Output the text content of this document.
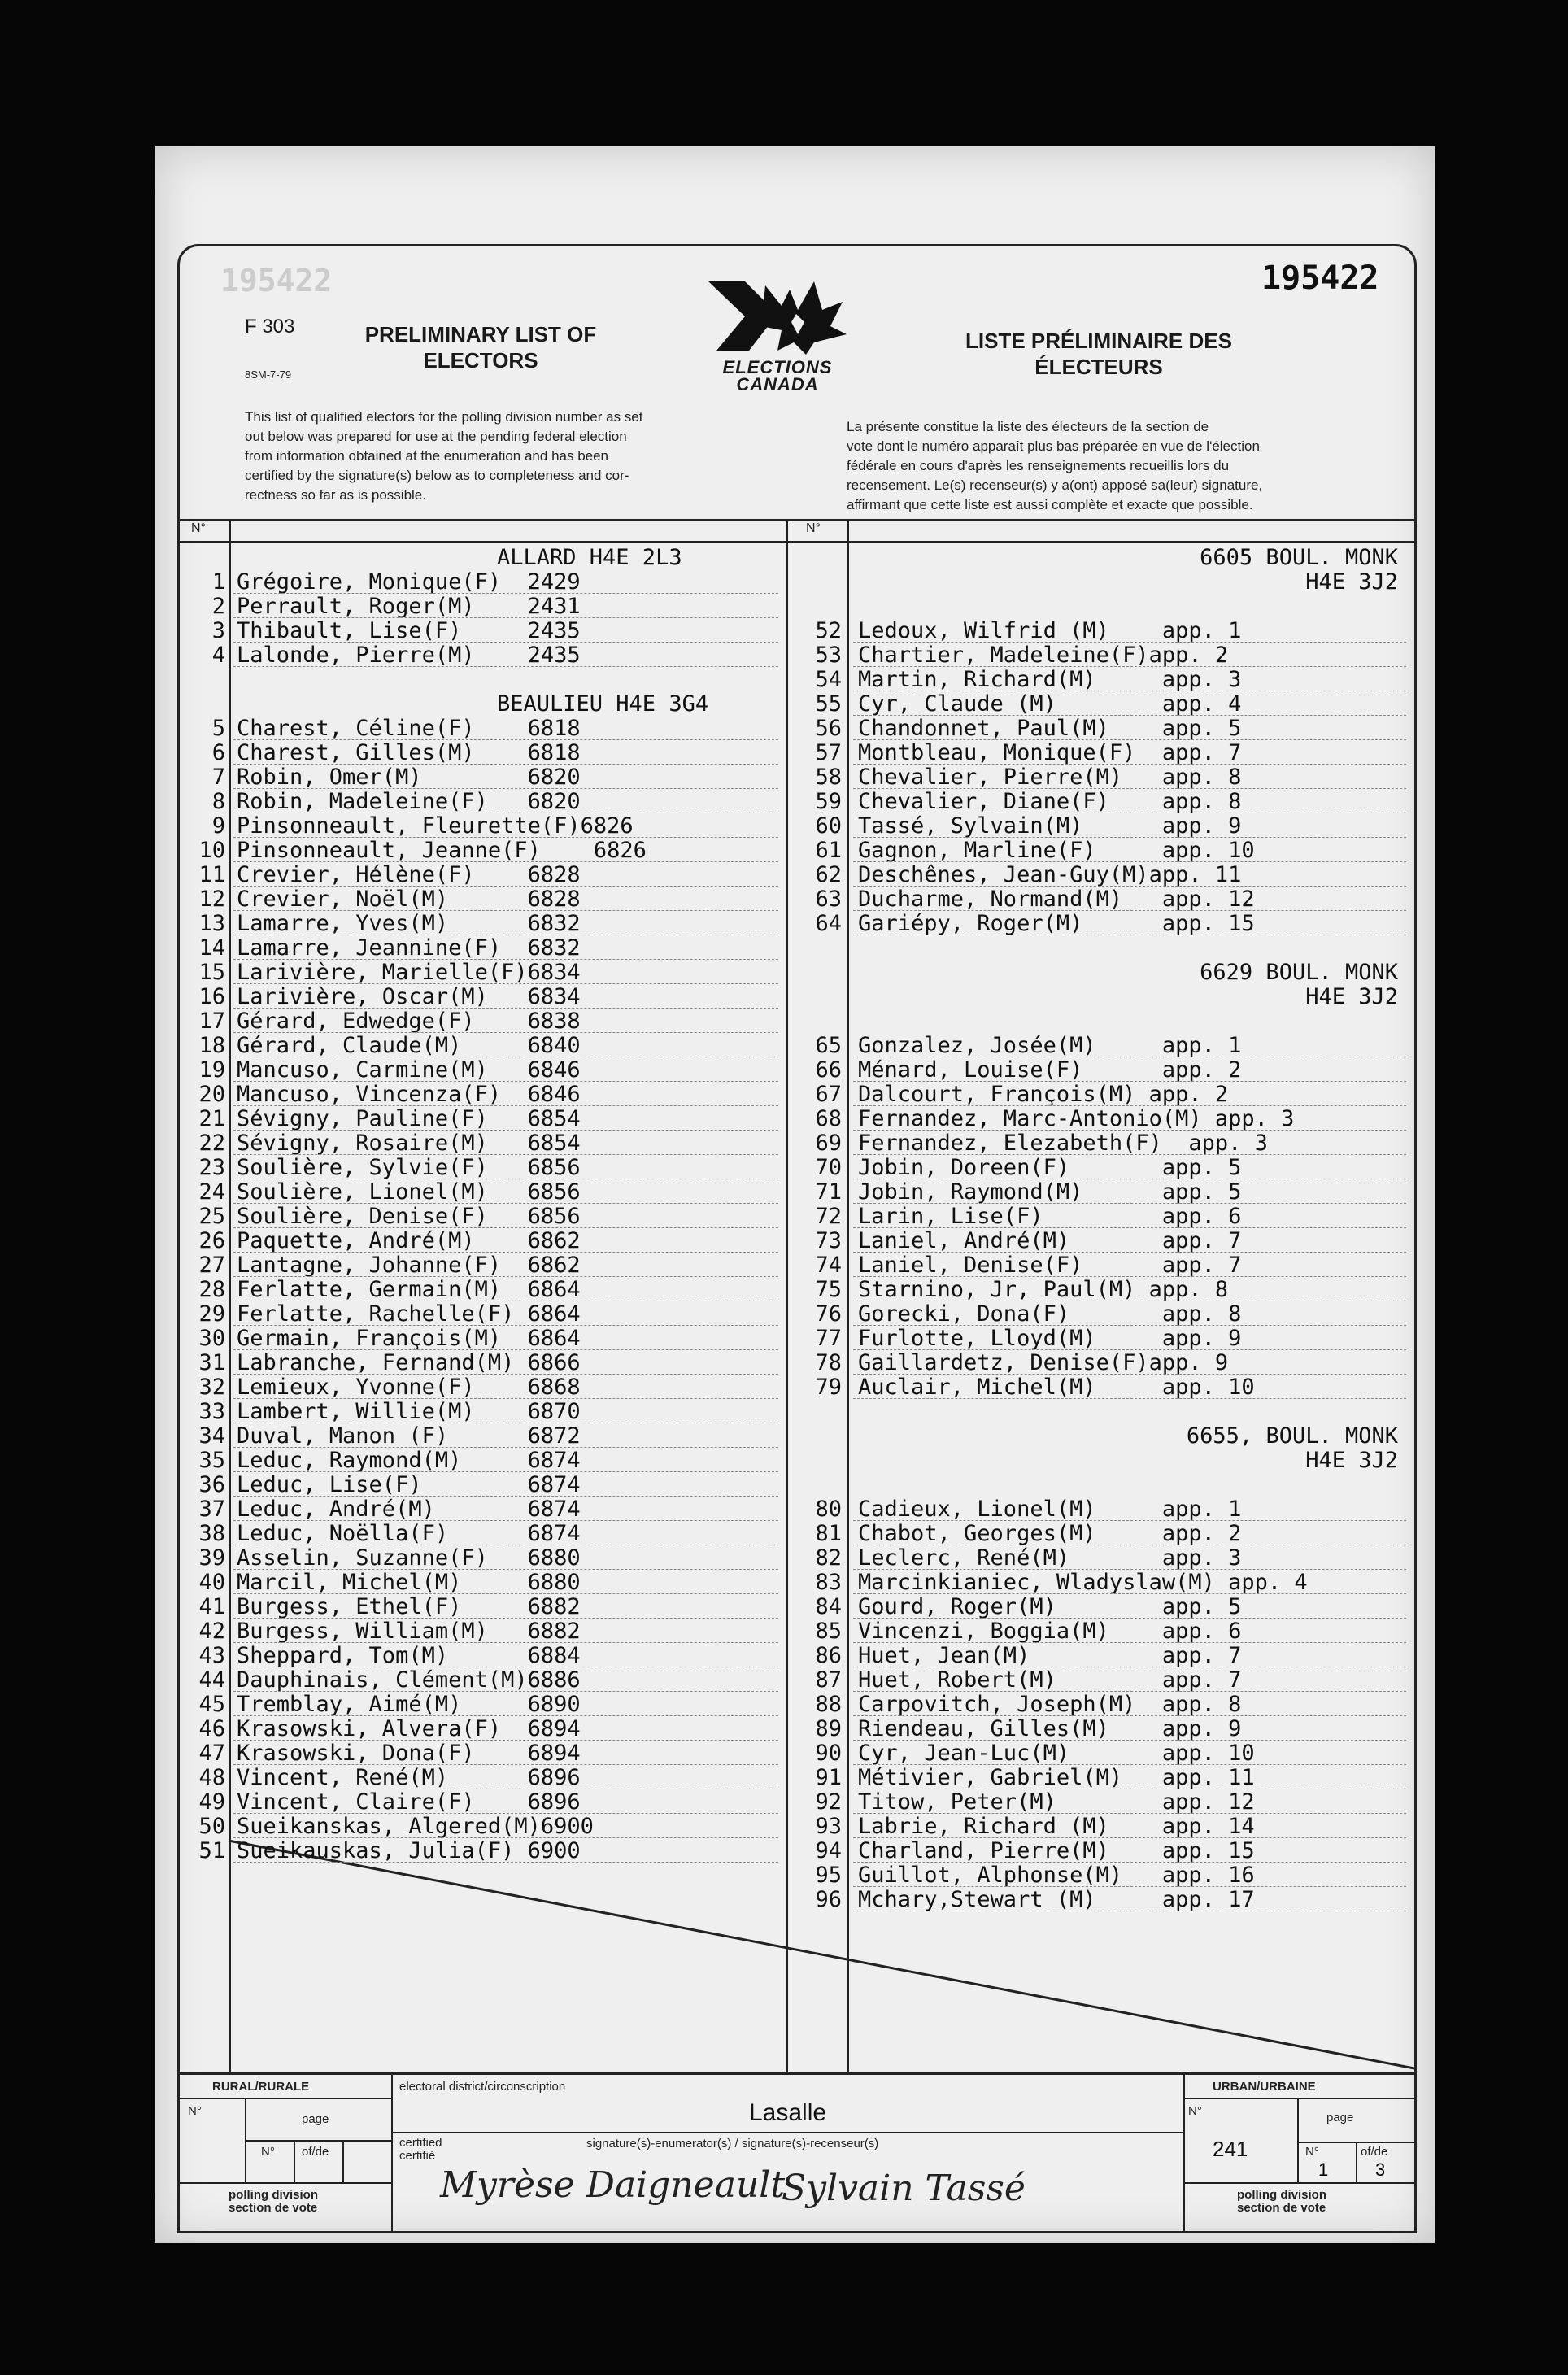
195422	195422
F 303
8SM-7-79
PRELIMINARY LIST OF
ELECTORS	ELECTIONS
CANADA
LISTE PRÉLIMINAIRE DES
ÉLECTEURS
This list of qualified electors for the polling division number as set
out below was prepared for use at the pending federal election
from information obtained at the enumeration and has been
certified by the signature(s) below as to completeness and cor-
rectness so far as is possible.
La présente constitue la liste des électeurs de la section de
vote dont le numéro apparaît plus bas préparée en vue de l'élection
fédérale en cours d'après les renseignements recueillis lors du
recensement. Le(s) recenseur(s) y a(ont) apposé sa(leur) signature,
affirmant que cette liste est aussi complète et exacte que possible.
N°	N°
ALLARD H4E 2L3
1 Grégoire, Monique(F)  2429
2 Perrault, Roger(M)    2431
3 Thibault, Lise(F)     2435
4 Lalonde, Pierre(M)    2435
BEAULIEU H4E 3G4
5 Charest, Céline(F)    6818
6 Charest, Gilles(M)    6818
7 Robin, Omer(M)        6820
8 Robin, Madeleine(F)   6820
9 Pinsonneault, Fleurette(F)6826
10 Pinsonneault, Jeanne(F)    6826
11 Crevier, Hélène(F)    6828
12 Crevier, Noël(M)      6828
13 Lamarre, Yves(M)      6832
14 Lamarre, Jeannine(F)  6832
15 Larivière, Marielle(F)6834
16 Larivière, Oscar(M)   6834
17 Gérard, Edwedge(F)    6838
18 Gérard, Claude(M)     6840
19 Mancuso, Carmine(M)   6846
20 Mancuso, Vincenza(F)  6846
21 Sévigny, Pauline(F)   6854
22 Sévigny, Rosaire(M)   6854
23 Soulière, Sylvie(F)   6856
24 Soulière, Lionel(M)   6856
25 Soulière, Denise(F)   6856
26 Paquette, André(M)    6862
27 Lantagne, Johanne(F)  6862
28 Ferlatte, Germain(M)  6864
29 Ferlatte, Rachelle(F) 6864
30 Germain, François(M)  6864
31 Labranche, Fernand(M) 6866
32 Lemieux, Yvonne(F)    6868
33 Lambert, Willie(M)    6870
34 Duval, Manon (F)      6872
35 Leduc, Raymond(M)     6874
36 Leduc, Lise(F)        6874
37 Leduc, André(M)       6874
38 Leduc, Noëlla(F)      6874
39 Asselin, Suzanne(F)   6880
40 Marcil, Michel(M)     6880
41 Burgess, Ethel(F)     6882
42 Burgess, William(M)   6882
43 Sheppard, Tom(M)      6884
44 Dauphinais, Clément(M)6886
45 Tremblay, Aimé(M)     6890
46 Krasowski, Alvera(F)  6894
47 Krasowski, Dona(F)    6894
48 Vincent, René(M)      6896
49 Vincent, Claire(F)    6896
50 Sueikanskas, Algered(M)6900
51 Sueikauskas, Julia(F) 6900
6605 BOUL. MONK
H4E 3J2
52 Ledoux, Wilfrid (M)    app. 1
53 Chartier, Madeleine(F)app. 2
54 Martin, Richard(M)     app. 3
55 Cyr, Claude (M)        app. 4
56 Chandonnet, Paul(M)    app. 5
57 Montbleau, Monique(F)  app. 7
58 Chevalier, Pierre(M)   app. 8
59 Chevalier, Diane(F)    app. 8
60 Tassé, Sylvain(M)      app. 9
61 Gagnon, Marline(F)     app. 10
62 Deschênes, Jean-Guy(M)app. 11
63 Ducharme, Normand(M)   app. 12
64 Gariépy, Roger(M)      app. 15
6629 BOUL. MONK
H4E 3J2
65 Gonzalez, Josée(M)     app. 1
66 Ménard, Louise(F)      app. 2
67 Dalcourt, François(M) app. 2
68 Fernandez, Marc-Antonio(M) app. 3
69 Fernandez, Elezabeth(F)  app. 3
70 Jobin, Doreen(F)       app. 5
71 Jobin, Raymond(M)      app. 5
72 Larin, Lise(F)         app. 6
73 Laniel, André(M)       app. 7
74 Laniel, Denise(F)      app. 7
75 Starnino, Jr, Paul(M) app. 8
76 Gorecki, Dona(F)       app. 8
77 Furlotte, Lloyd(M)     app. 9
78 Gaillardetz, Denise(F)app. 9
79 Auclair, Michel(M)     app. 10
6655, BOUL. MONK
H4E 3J2
80 Cadieux, Lionel(M)     app. 1
81 Chabot, Georges(M)     app. 2
82 Leclerc, René(M)       app. 3
83 Marcinkianiec, Wladyslaw(M) app. 4
84 Gourd, Roger(M)        app. 5
85 Vincenzi, Boggia(M)    app. 6
86 Huet, Jean(M)          app. 7
87 Huet, Robert(M)        app. 7
88 Carpovitch, Joseph(M)  app. 8
89 Riendeau, Gilles(M)    app. 9
90 Cyr, Jean-Luc(M)       app. 10
91 Métivier, Gabriel(M)   app. 11
92 Titow, Peter(M)        app. 12
93 Labrie, Richard (M)    app. 14
94 Charland, Pierre(M)    app. 15
95 Guillot, Alphonse(M)   app. 16
96 Mchary,Stewart (M)     app. 17
RURAL/RURALE
N°
page
N° of/de
polling division
section de vote
electoral district/circonscription
Lasalle
certified
certifié
signature(s)-enumerator(s) / signature(s)-recenseur(s)
Myrèse Daigneault
Sylvain Tassé
URBAN/URBAINE
N°
241
page
N°	of/de
1	3
polling division
section de vote
